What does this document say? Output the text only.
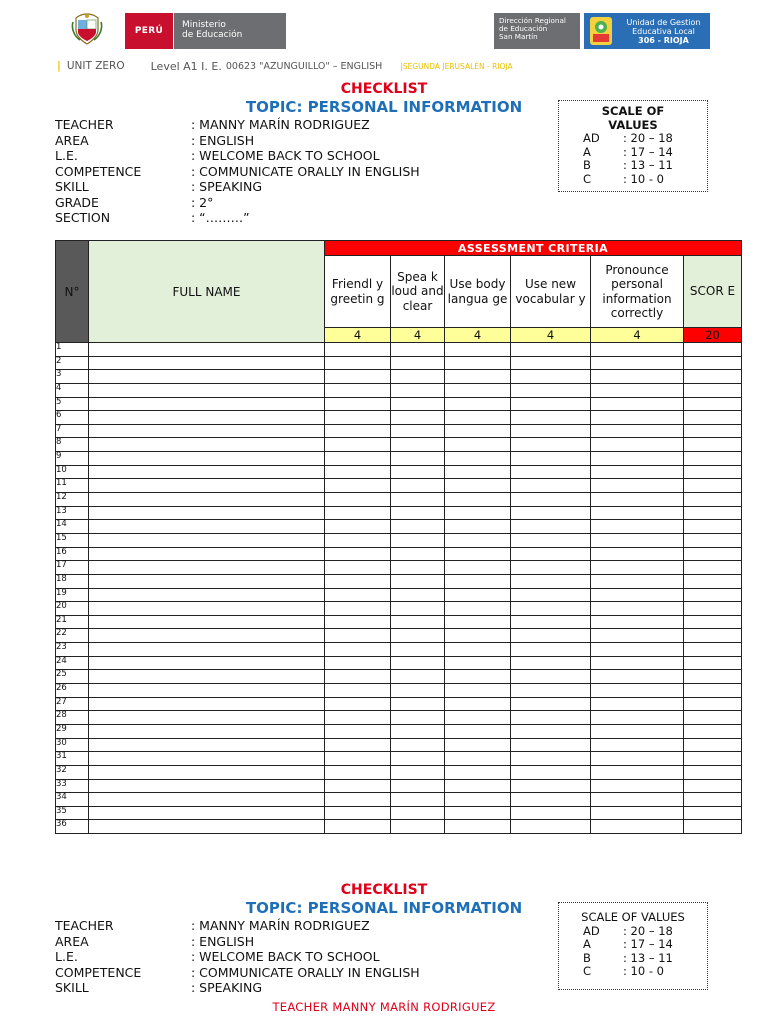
PERÚ
Ministerio
de Educación
Dirección Regional
de Educación
San Martín
Unidad de Gestion
Educativa Local
306 - RIOJA
| UNIT ZERO Level A1 I. E. 00623 "AZUNGUILLO" – ENGLISH |SEGUNDA JERUSALÉN - RIOJA
CHECKLIST
TOPIC: PERSONAL INFORMATION
TEACHER	: MANNY MARÍN RODRIGUEZ
AREA	: ENGLISH
L.E.	: WELCOME BACK TO SCHOOL
COMPETENCE	: COMMUNICATE ORALLY IN ENGLISH
SKILL	: SPEAKING
GRADE	: 2°
SECTION	: “………”
SCALE OF
VALUES
AD	: 20 – 18
A	: 17 – 14
B	: 13 – 11
C	: 10 - 0
N°	FULL NAME	ASSESSMENT CRITERIA					
		Friendl y greetin g	Spea k loud and clear	Use body langua ge	Use new vocabular y	Pronounce personal information correctly	SCOR E
		4	4	4	4	4	20
1							
2							
3							
4							
5							
6							
7							
8							
9							
10							
11							
12							
13							
14							
15							
16							
17							
18							
19							
20							
21							
22							
23							
24							
25							
26							
27							
28							
29							
30							
31							
32							
33							
34							
35							
36							
CHECKLIST
TOPIC: PERSONAL INFORMATION
TEACHER	: MANNY MARÍN RODRIGUEZ
AREA	: ENGLISH
L.E.	: WELCOME BACK TO SCHOOL
COMPETENCE	: COMMUNICATE ORALLY IN ENGLISH
SKILL	: SPEAKING
SCALE OF VALUES
AD	: 20 – 18
A	: 17 – 14
B	: 13 – 11
C	: 10 - 0
TEACHER MANNY MARÍN RODRIGUEZ
